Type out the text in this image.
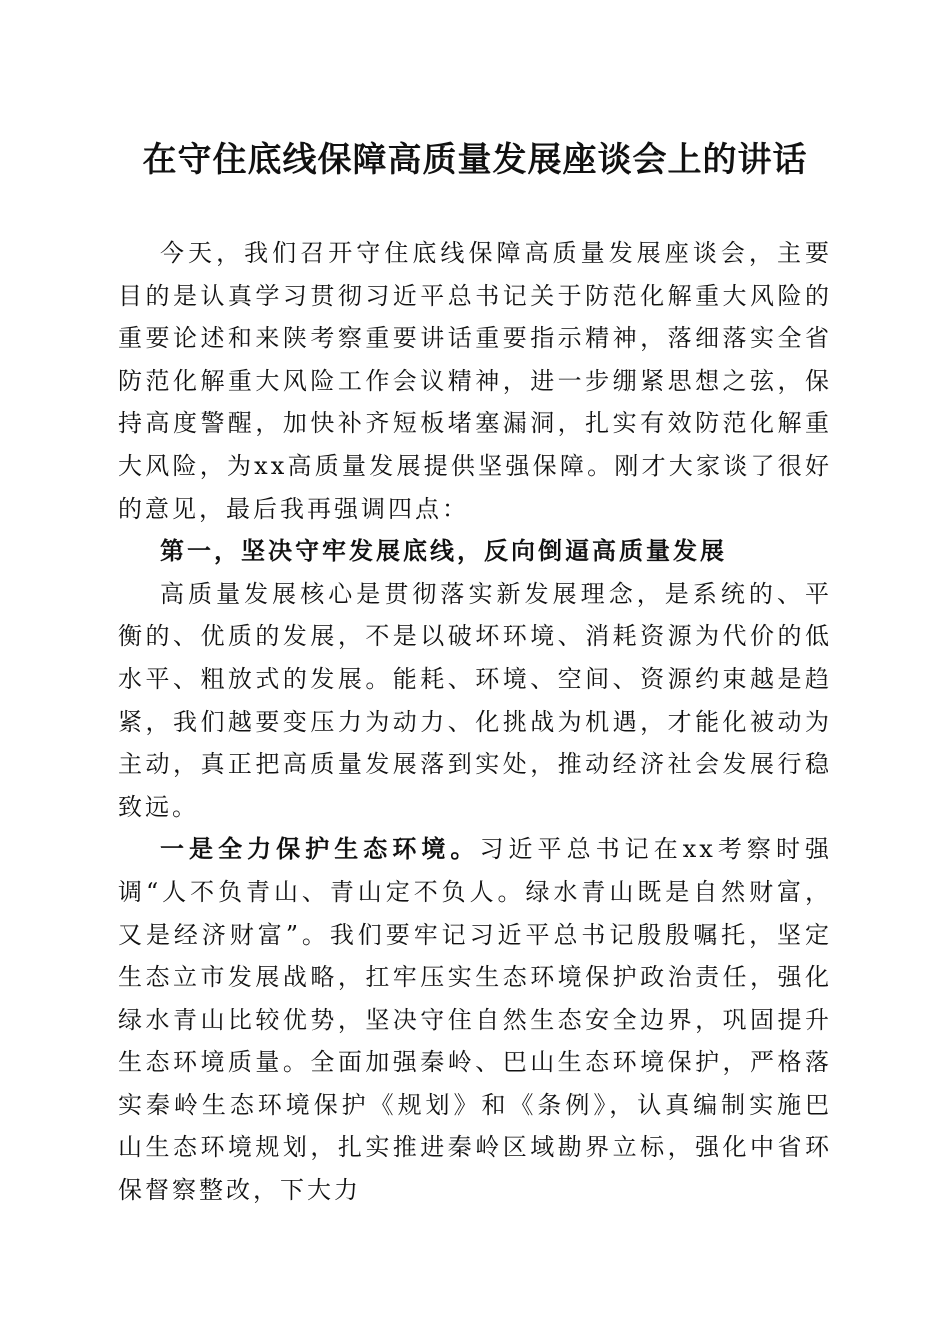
在守住底线保障高质量发展座谈会上的讲话

今天，我们召开守住底线保障高质量发展座谈会，主要目的是认真学习贯彻习近平总书记关于防范化解重大风险的重要论述和来陕考察重要讲话重要指示精神，落细落实全省防范化解重大风险工作会议精神，进一步绷紧思想之弦，保持高度警醒，加快补齐短板堵塞漏洞，扎实有效防范化解重大风险，为xx高质量发展提供坚强保障。刚才大家谈了很好的意见，最后我再强调四点：

第一，坚决守牢发展底线，反向倒逼高质量发展

高质量发展核心是贯彻落实新发展理念，是系统的、平衡的、优质的发展，不是以破坏环境、消耗资源为代价的低水平、粗放式的发展。能耗、环境、空间、资源约束越是趋紧，我们越要变压力为动力、化挑战为机遇，才能化被动为主动，真正把高质量发展落到实处，推动经济社会发展行稳致远。

一是全力保护生态环境。习近平总书记在xx考察时强调“人不负青山、青山定不负人。绿水青山既是自然财富，又是经济财富”。我们要牢记习近平总书记殷殷嘱托，坚定生态立市发展战略，扛牢压实生态环境保护政治责任，强化绿水青山比较优势，坚决守住自然生态安全边界，巩固提升生态环境质量。全面加强秦岭、巴山生态环境保护，严格落实秦岭生态环境保护《规划》和《条例》，认真编制实施巴山生态环境规划，扎实推进秦岭区域勘界立标，强化中省环保督察整改，下大力
